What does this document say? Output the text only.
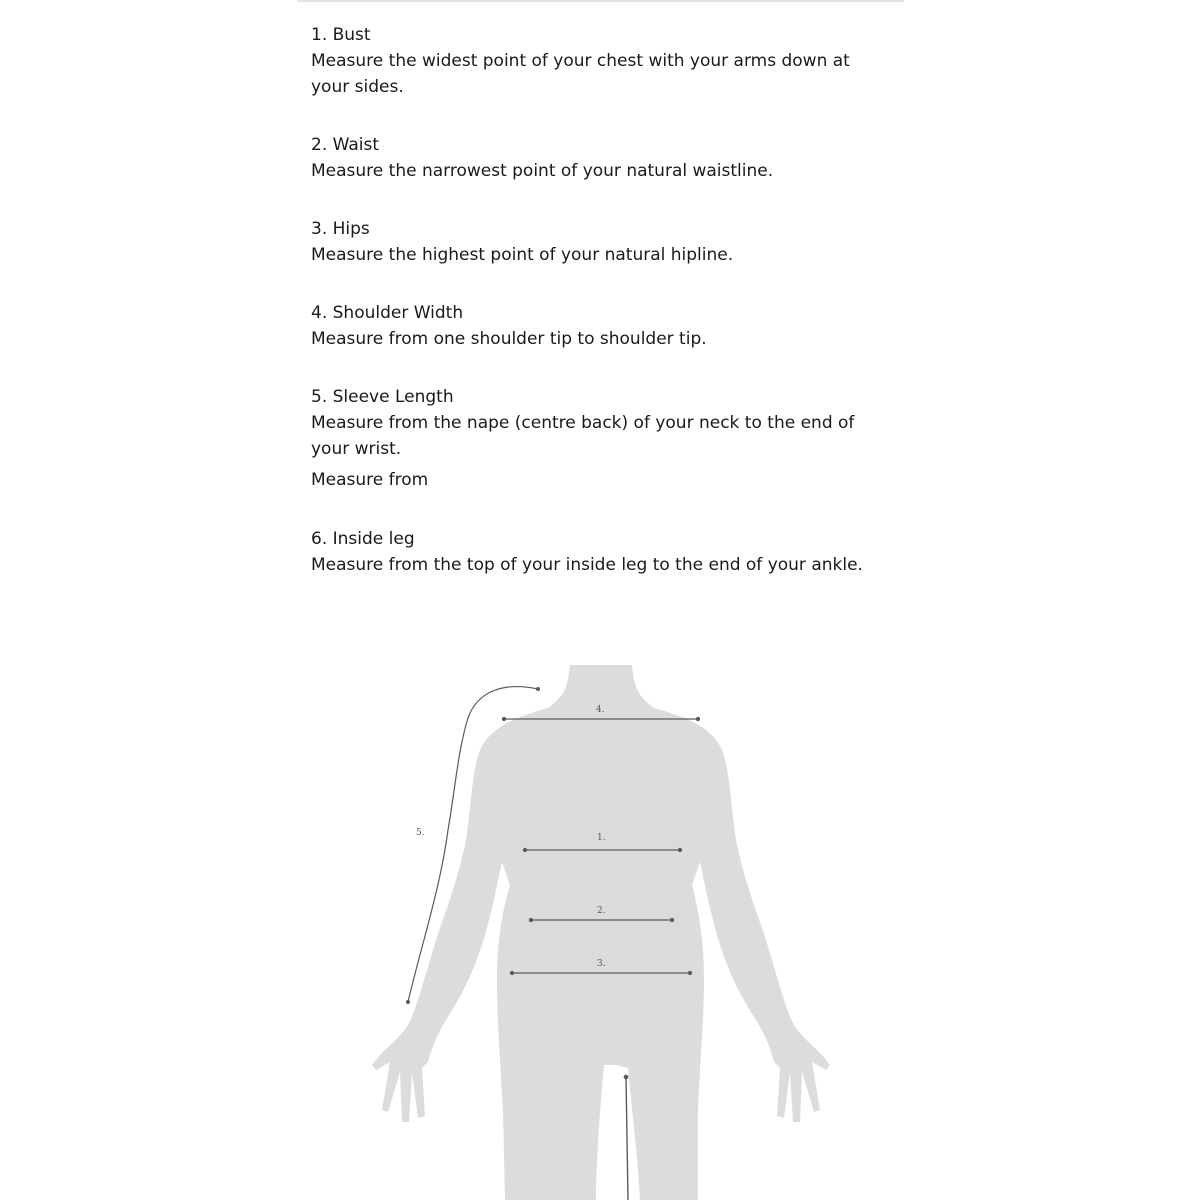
1. Bust

Measure the widest point of your chest with your arms down at your sides.

2. Waist

Measure the narrowest point of your natural waistline.

3. Hips

Measure the highest point of your natural hipline.

4. Shoulder Width

Measure from one shoulder tip to shoulder tip.

5. Sleeve Length

Measure from the nape (centre back) of your neck to the end of your wrist.

Measure from

6. Inside leg

Measure from the top of your inside leg to the end of your ankle.

4.
5.	1.
2.
3.
